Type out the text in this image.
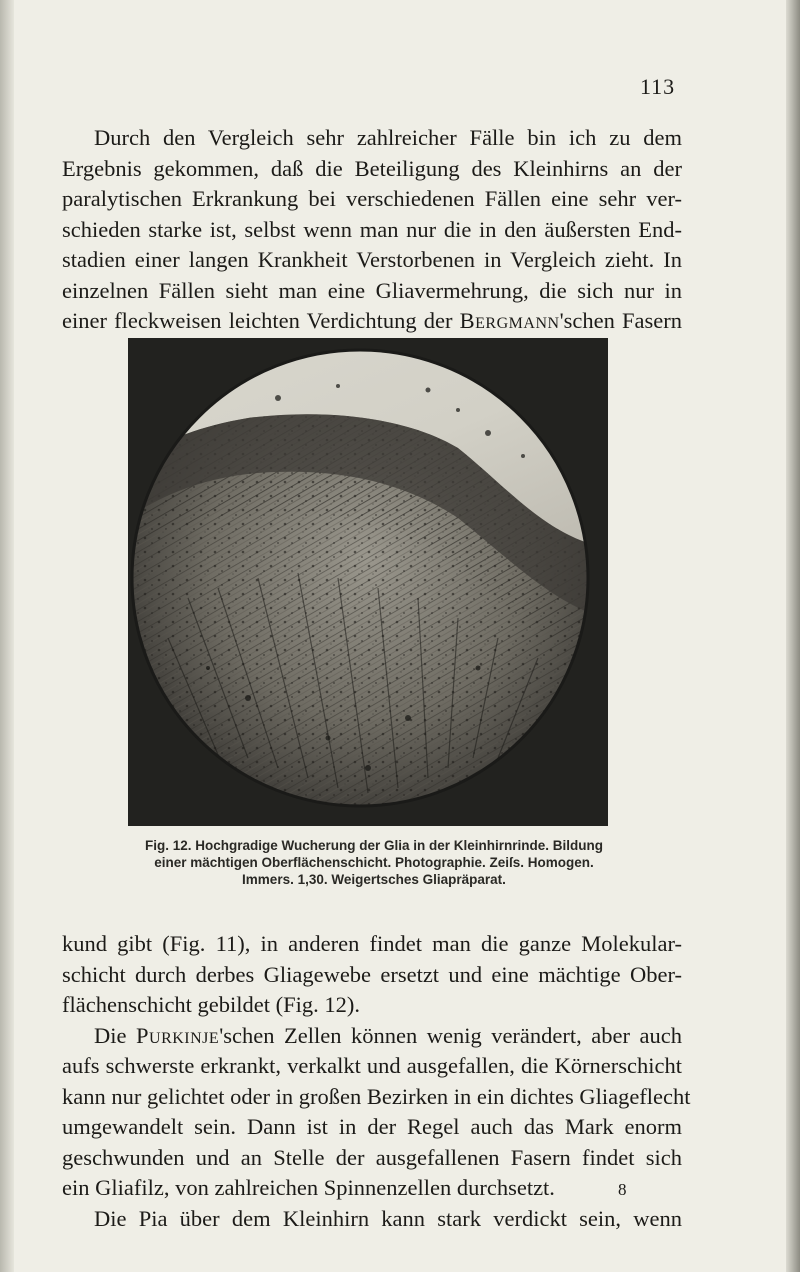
113

Durch den Vergleich sehr zahlreicher Fälle bin ich zu dem
Ergebnis gekommen, daß die Beteiligung des Kleinhirns an der
paralytischen Erkrankung bei verschiedenen Fällen eine sehr ver-
schieden starke ist, selbst wenn man nur die in den äußersten End-
stadien einer langen Krankheit Verstorbenen in Vergleich zieht. In
einzelnen Fällen sieht man eine Gliavermehrung, die sich nur in
einer fleckweisen leichten Verdichtung der Bergmann'schen Fasern

Fig. 12. Hochgradige Wucherung der Glia in der Kleinhirnrinde. Bildung
einer mächtigen Oberflächenschicht. Photographie. Zeiſs. Homogen.
Immers. 1,30. Weigertsches Gliapräparat.

kund gibt (Fig. 11), in anderen findet man die ganze Molekular-
schicht durch derbes Gliagewebe ersetzt und eine mächtige Ober-
flächenschicht gebildet (Fig. 12).
Die Purkinje'schen Zellen können wenig verändert, aber auch
aufs schwerste erkrankt, verkalkt und ausgefallen, die Körnerschicht
kann nur gelichtet oder in großen Bezirken in ein dichtes Gliageflecht
umgewandelt sein. Dann ist in der Regel auch das Mark enorm
geschwunden und an Stelle der ausgefallenen Fasern findet sich
ein Gliafilz, von zahlreichen Spinnenzellen durchsetzt.
Die Pia über dem Kleinhirn kann stark verdickt sein, wenn

8
